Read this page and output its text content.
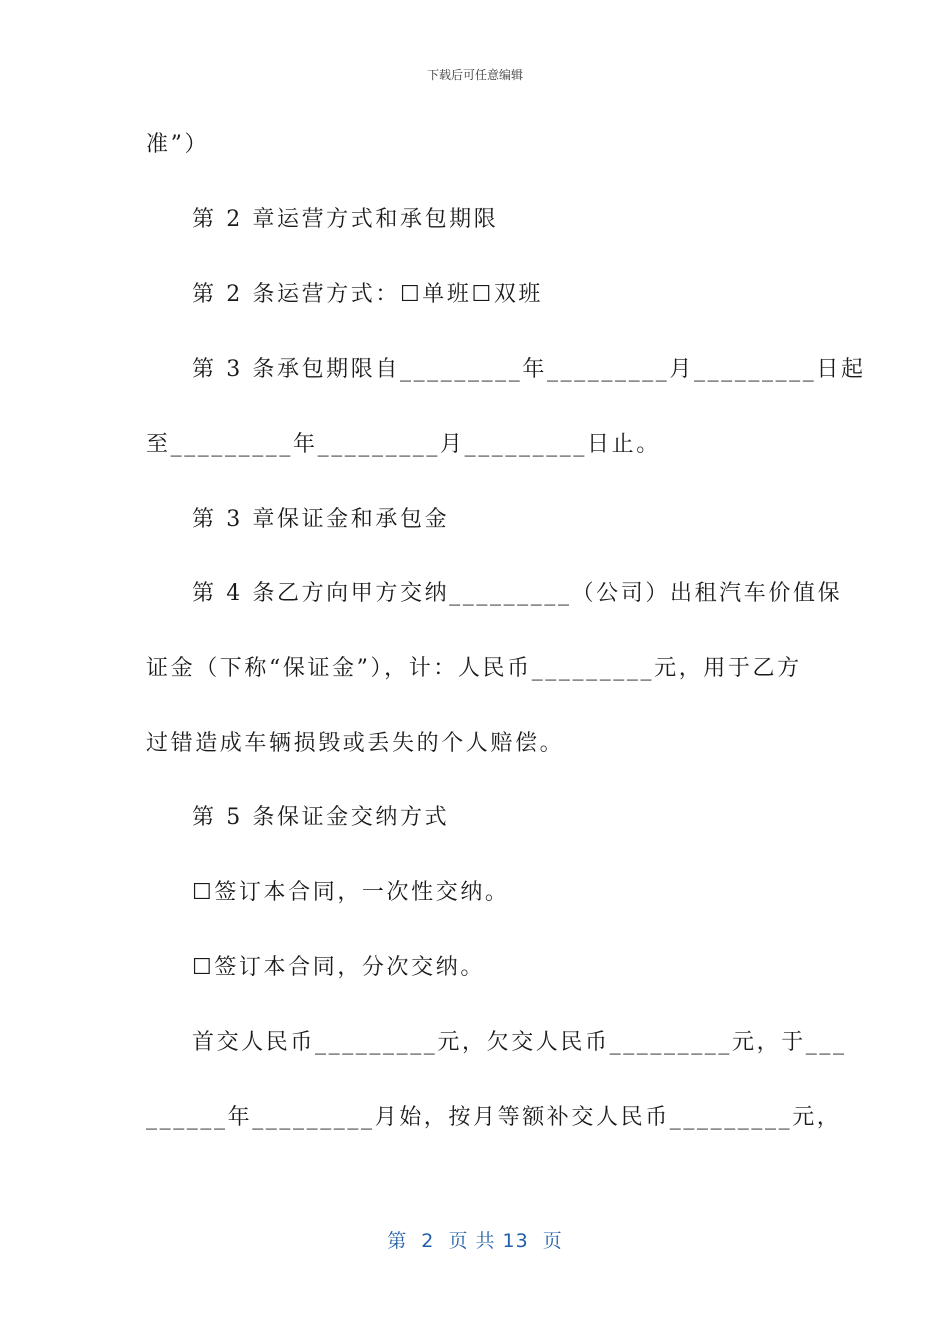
下载后可任意编辑
准”）
第 2 章运营方式和承包期限
第 2 条运营方式：☐单班☐双班
第 3 条承包期限自_________年_________月_________日起
至_________年_________月_________日止。
第 3 章保证金和承包金
第 4 条乙方向甲方交纳_________（公司）出租汽车价值保
证金（下称“保证金”），计：人民币_________元，用于乙方
过错造成车辆损毁或丢失的个人赔偿。
第 5 条保证金交纳方式
☐签订本合同，一次性交纳。
☐签订本合同，分次交纳。
首交人民币_________元，欠交人民币_________元，于___
______年_________月始，按月等额补交人民币_________元，
第  2  页 共 13  页
